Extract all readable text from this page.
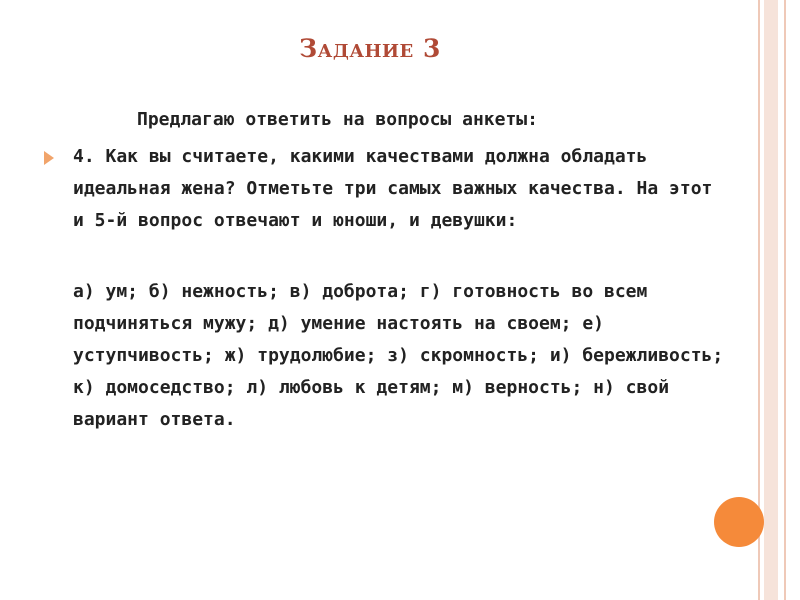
Задание 3
Предлагаю ответить на вопросы анкеты:
4. Как вы считаете, какими качествами должна обладать идеальная жена? Отметьте три самых важных качества. На этот и 5-й вопрос отвечают и юноши, и девушки:
а) ум; б) нежность; в) доброта; г) готовность во всем подчиняться мужу; д) умение настоять на своем; е) уступчивость; ж) трудолюбие; з) скромность; и) бережливость; к) домоседство; л) любовь к детям; м) верность; н) свой вариант ответа.
